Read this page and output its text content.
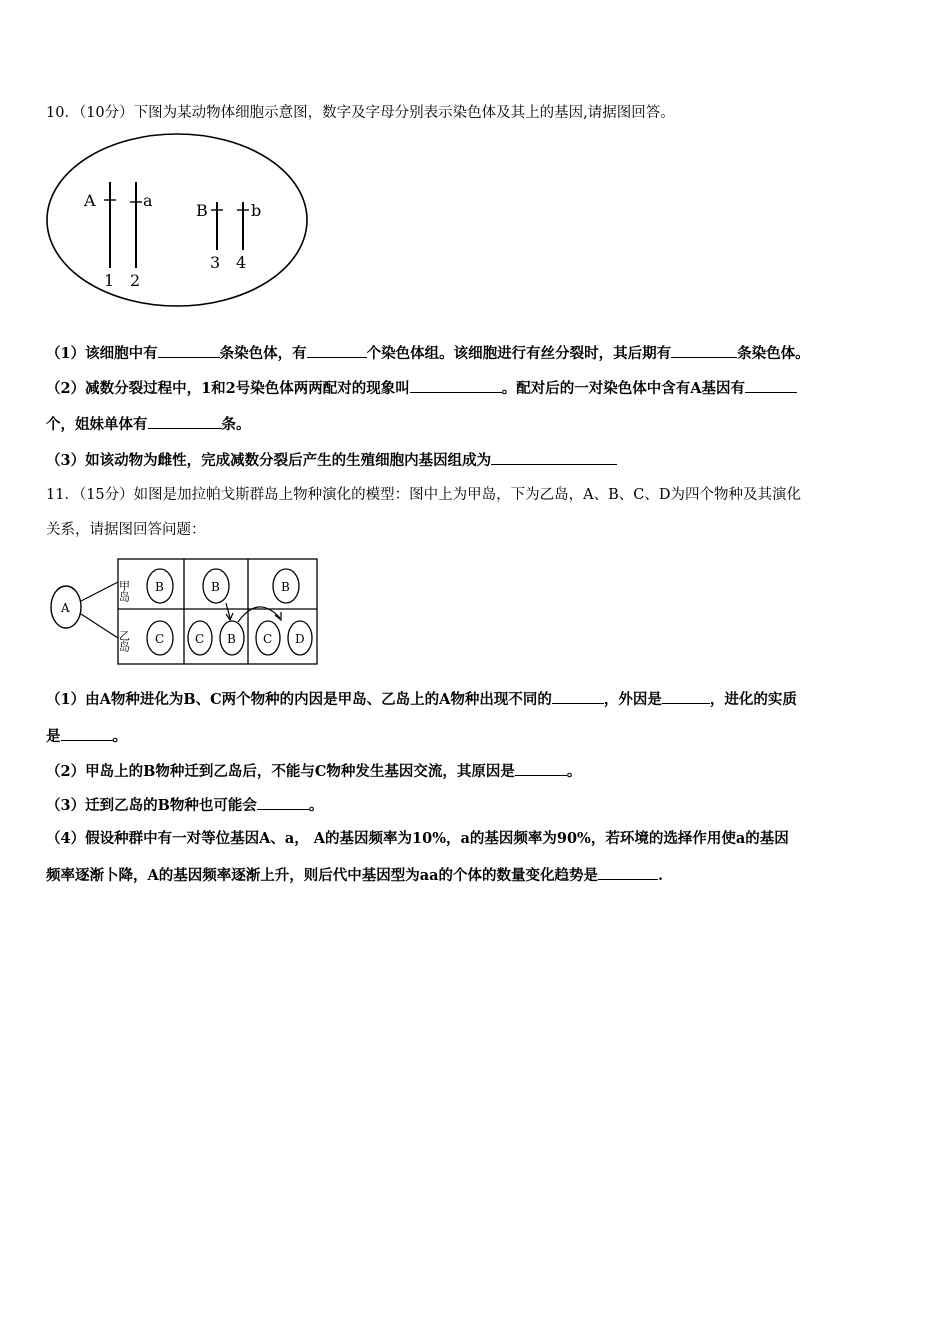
10．（10分）下图为某动物体细胞示意图，数字及字母分别表示染色体及其上的基因,请据图回答。
A	a
B	b
1 2
3 4
（1）该细胞中有	条染色体，有	个染色体组。该细胞进行有丝分裂时，其后期有	条染色体。
（2）减数分裂过程中，1和2号染色体两两配对的现象叫	。配对后的一对染色体中含有A基因有
个，姐妹单体有	条。
（3）如该动物为雌性，完成减数分裂后产生的生殖细胞内基因组成为
11．（15分）如图是加拉帕戈斯群岛上物种演化的模型：图中上为甲岛，下为乙岛，A、B、C、D为四个物种及其演化
关系，请据图回答问题：
A
甲岛
乙岛
B	B	B
C	C B C D
（1）由A物种进化为B、C两个物种的内因是甲岛、乙岛上的A物种出现不同的	，外因是	，进化的实质
是	。
（2）甲岛上的B物种迁到乙岛后，不能与C物种发生基因交流，其原因是	。
（3）迁到乙岛的B物种也可能会	。
（4）假设种群中有一对等位基因A、a， A的基因频率为10%，a的基因频率为90%，若环境的选择作用使a的基因
频率逐渐卜降，A的基因频率逐渐上升，则后代中基因型为aa的个体的数量变化趋势是	.
